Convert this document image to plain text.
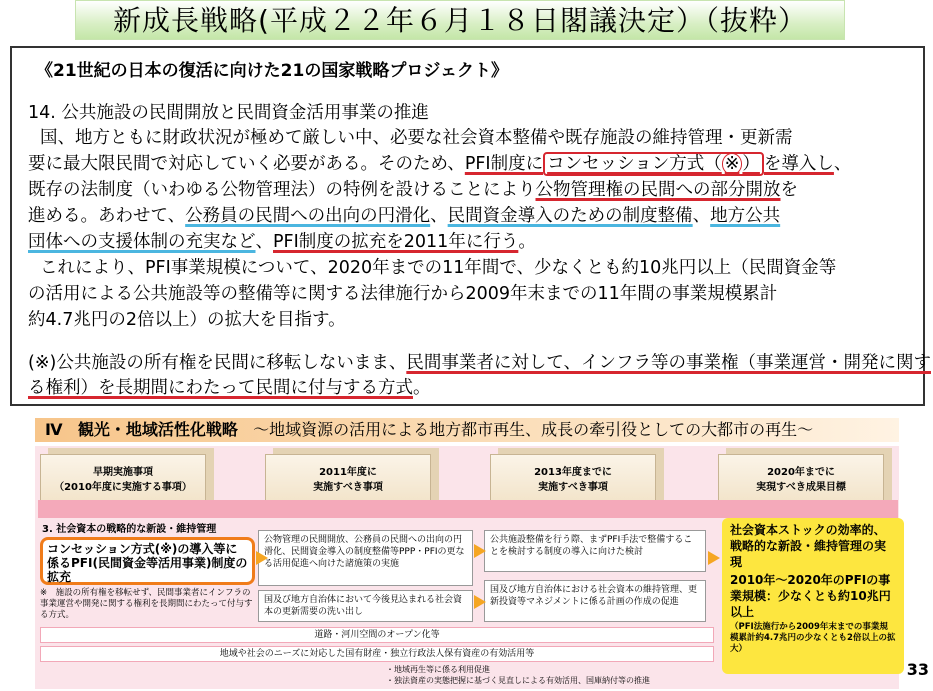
新成長戦略(平成２２年６月１８日閣議決定）（抜粋）
《21世紀の日本の復活に向けた21の国家戦略プロジェクト》
14. 公共施設の民間開放と民間資金活用事業の推進
国、地方ともに財政状況が極めて厳しい中、必要な社会資本整備や既存施設の維持管理・更新需
要に最大限民間で対応していく必要がある。そのため、PFI制度に コンセッション方式（ ※ ） を導入し、
既存の法制度（いわゆる公物管理法）の特例を設けることにより公物管理権の民間への部分開放を
進める。あわせて、公務員の民間への出向の円滑化、民間資金導入のための制度整備、地方公共
団体への支援体制の充実など、PFI制度の拡充を2011年に行う。
これにより、PFI事業規模について、2020年までの11年間で、少なくとも約10兆円以上（民間資金等
の活用による公共施設等の整備等に関する法律施行から2009年末までの11年間の事業規模累計
約4.7兆円の2倍以上）の拡大を目指す。
(※)公共施設の所有権を民間に移転しないまま、民間事業者に対して、インフラ等の事業権（事業運営・開発に関す
る権利）を長期間にわたって民間に付与する方式。
Ⅳ 観光・地域活性化戦略 ～地域資源の活用による地方都市再生、成長の牽引役としての大都市の再生～
早期実施事項
（2010年度に実施する事項）
2011年度に
実施すべき事項
2013年度までに
実施すべき事項
2020年までに
実現すべき成果目標
3. 社会資本の戦略的な新設・維持管理
コンセッション方式(※)の導入等に係るPFI(民間資金等活用事業)制度の拡充
※　施設の所有権を移転せず、民間事業者にインフラの事業運営や開発に関する権利を長期間にわたって付与する方式。
公物管理の民間開放、公務員の民間への出向の円滑化、民間資金導入の制度整備等PPP・PFIの更なる活用促進へ向けた諸施策の実施
国及び地方自治体において今後見込まれる社会資本の更新需要の洗い出し
公共施設整備を行う際、まずPFI手法で整備することを検討する制度の導入に向けた検討
国及び地方自治体における社会資本の維持管理、更新投資等マネジメントに係る計画の作成の促進
社会資本ストックの効率的、戦略的な新設・維持管理の実現
2010年～2020年のPFIの事業規模：少なくとも約10兆円以上
（PFI法施行から2009年末までの事業規模累計約4.7兆円の少なくとも2倍以上の拡大）
道路・河川空間のオープン化等
地域や社会のニーズに対応した国有財産・独立行政法人保有資産の有効活用等
・地域再生等に係る利用促進
・独法資産の実態把握に基づく見直しによる有効活用、国庫納付等の推進
33
